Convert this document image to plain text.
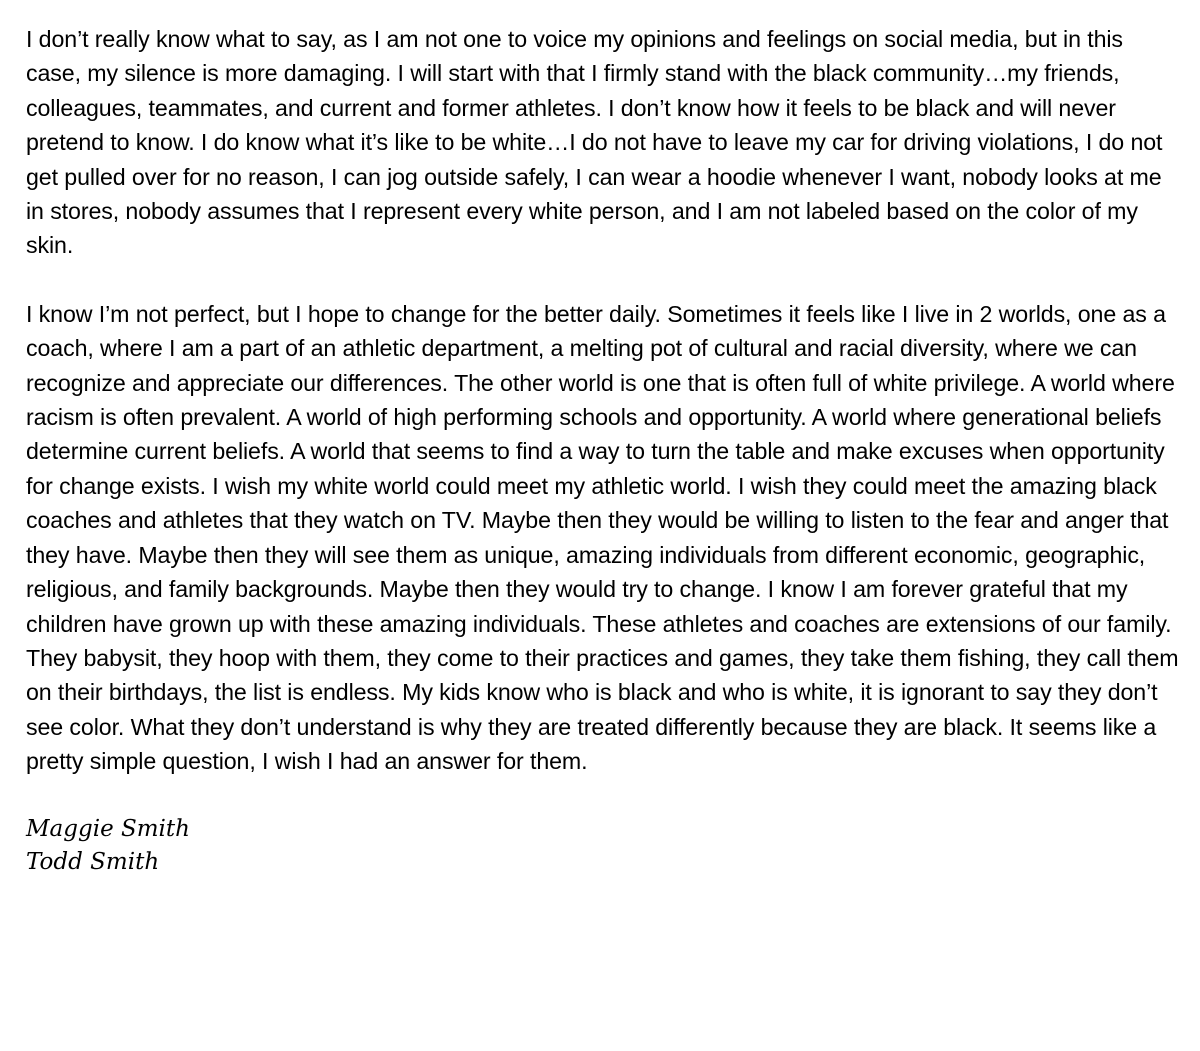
I don’t really know what to say, as I am not one to voice my opinions and feelings on social media, but in this case, my silence is more damaging. I will start with that I firmly stand with the black community…my friends, colleagues, teammates, and current and former athletes. I don’t know how it feels to be black and will never pretend to know. I do know what it’s like to be white…I do not have to leave my car for driving violations, I do not get pulled over for no reason, I can jog outside safely, I can wear a hoodie whenever I want, nobody looks at me in stores, nobody assumes that I represent every white person, and I am not labeled based on the color of my skin.

I know I’m not perfect, but I hope to change for the better daily. Sometimes it feels like I live in 2 worlds, one as a coach, where I am a part of an athletic department, a melting pot of cultural and racial diversity, where we can recognize and appreciate our differences. The other world is one that is often full of white privilege. A world where racism is often prevalent. A world of high performing schools and opportunity. A world where generational beliefs determine current beliefs. A world that seems to find a way to turn the table and make excuses when opportunity for change exists. I wish my white world could meet my athletic world. I wish they could meet the amazing black coaches and athletes that they watch on TV. Maybe then they would be willing to listen to the fear and anger that they have. Maybe then they will see them as unique, amazing individuals from different economic, geographic, religious, and family backgrounds. Maybe then they would try to change. I know I am forever grateful that my children have grown up with these amazing individuals. These athletes and coaches are extensions of our family. They babysit, they hoop with them, they come to their practices and games, they take them fishing, they call them on their birthdays, the list is endless. My kids know who is black and who is white, it is ignorant to say they don’t see color. What they don’t understand is why they are treated differently because they are black. It seems like a pretty simple question, I wish I had an answer for them.

Maggie Smith

Todd Smith
